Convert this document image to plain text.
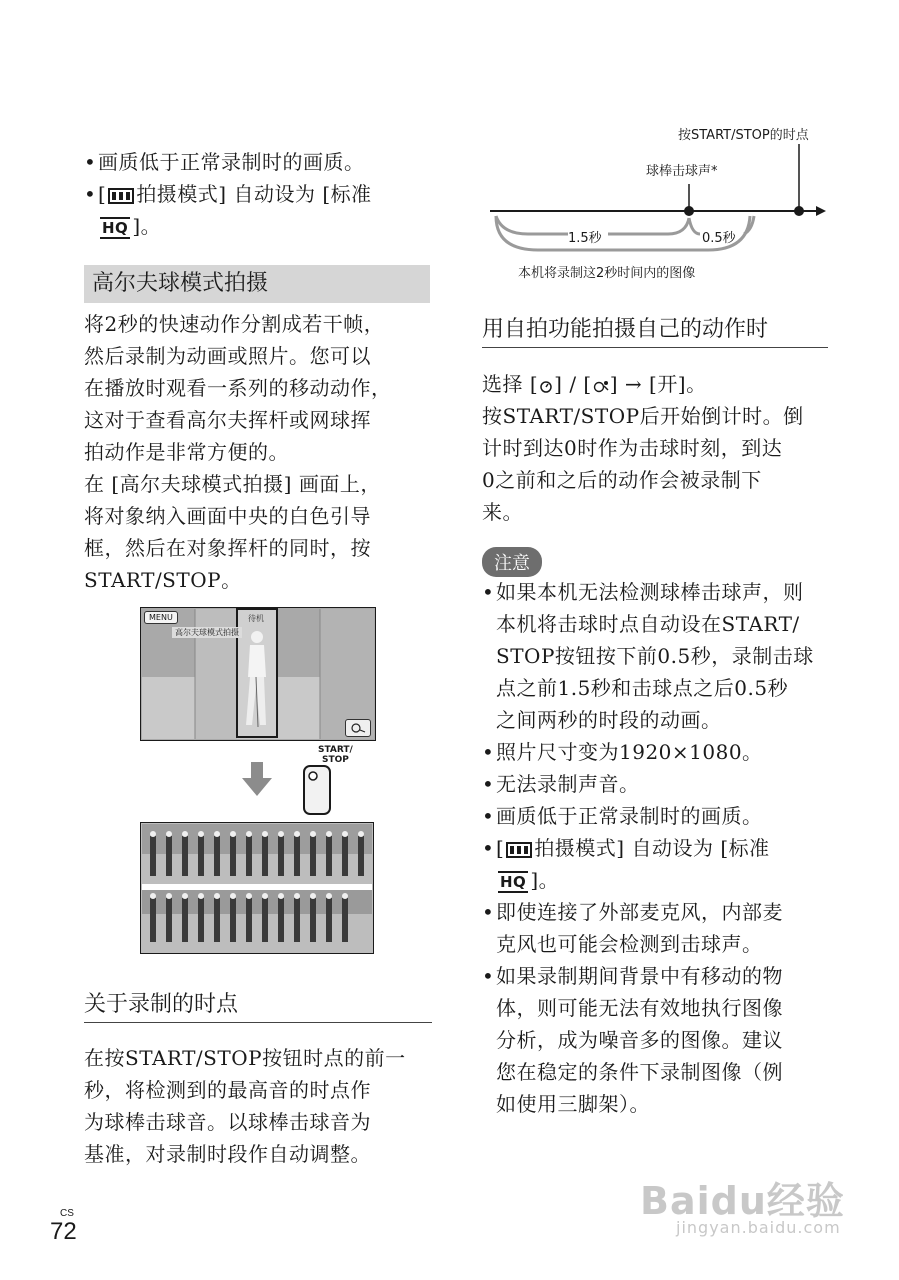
• 画质低于正常录制时的画质。
• [ 拍摄模式] 自动设为 [标准
HQ ]。
高尔夫球模式拍摄
将2秒的快速动作分割成若干帧，
然后录制为动画或照片。您可以
在播放时观看一系列的移动动作，
这对于查看高尔夫挥杆或网球挥
拍动作是非常方便的。
在 [高尔夫球模式拍摄] 画面上，
将对象纳入画面中央的白色引导
框，然后在对象挥杆的同时，按
START/STOP。
MENU
高尔夫球模式拍摄
待机
START/
STOP
关于录制的时点
在按START/STOP按钮时点的前一
秒，将检测到的最高音的时点作
为球棒击球音。以球棒击球音为
基准，对录制时段作自动调整。
CS
72
按START/STOP的时点
球棒击球声*
1.5秒	0.5秒
本机将录制这2秒时间内的图像
用自拍功能拍摄自己的动作时
选择 [ ] / [ ] → [开]。
按START/STOP后开始倒计时。倒
计时到达0时作为击球时刻，到达
0之前和之后的动作会被录制下
来。
注意
• 如果本机无法检测球棒击球声，则
本机将击球时点自动设在START/
STOP按钮按下前0.5秒，录制击球
点之前1.5秒和击球点之后0.5秒
之间两秒的时段的动画。
• 照片尺寸变为1920×1080。
• 无法录制声音。
• 画质低于正常录制时的画质。
• [ 拍摄模式] 自动设为 [标准
HQ ]。
• 即使连接了外部麦克风，内部麦
克风也可能会检测到击球声。
• 如果录制期间背景中有移动的物
体，则可能无法有效地执行图像
分析，成为噪音多的图像。建议
您在稳定的条件下录制图像（例
如使用三脚架）。
Baidu经验
jingyan.baidu.com
